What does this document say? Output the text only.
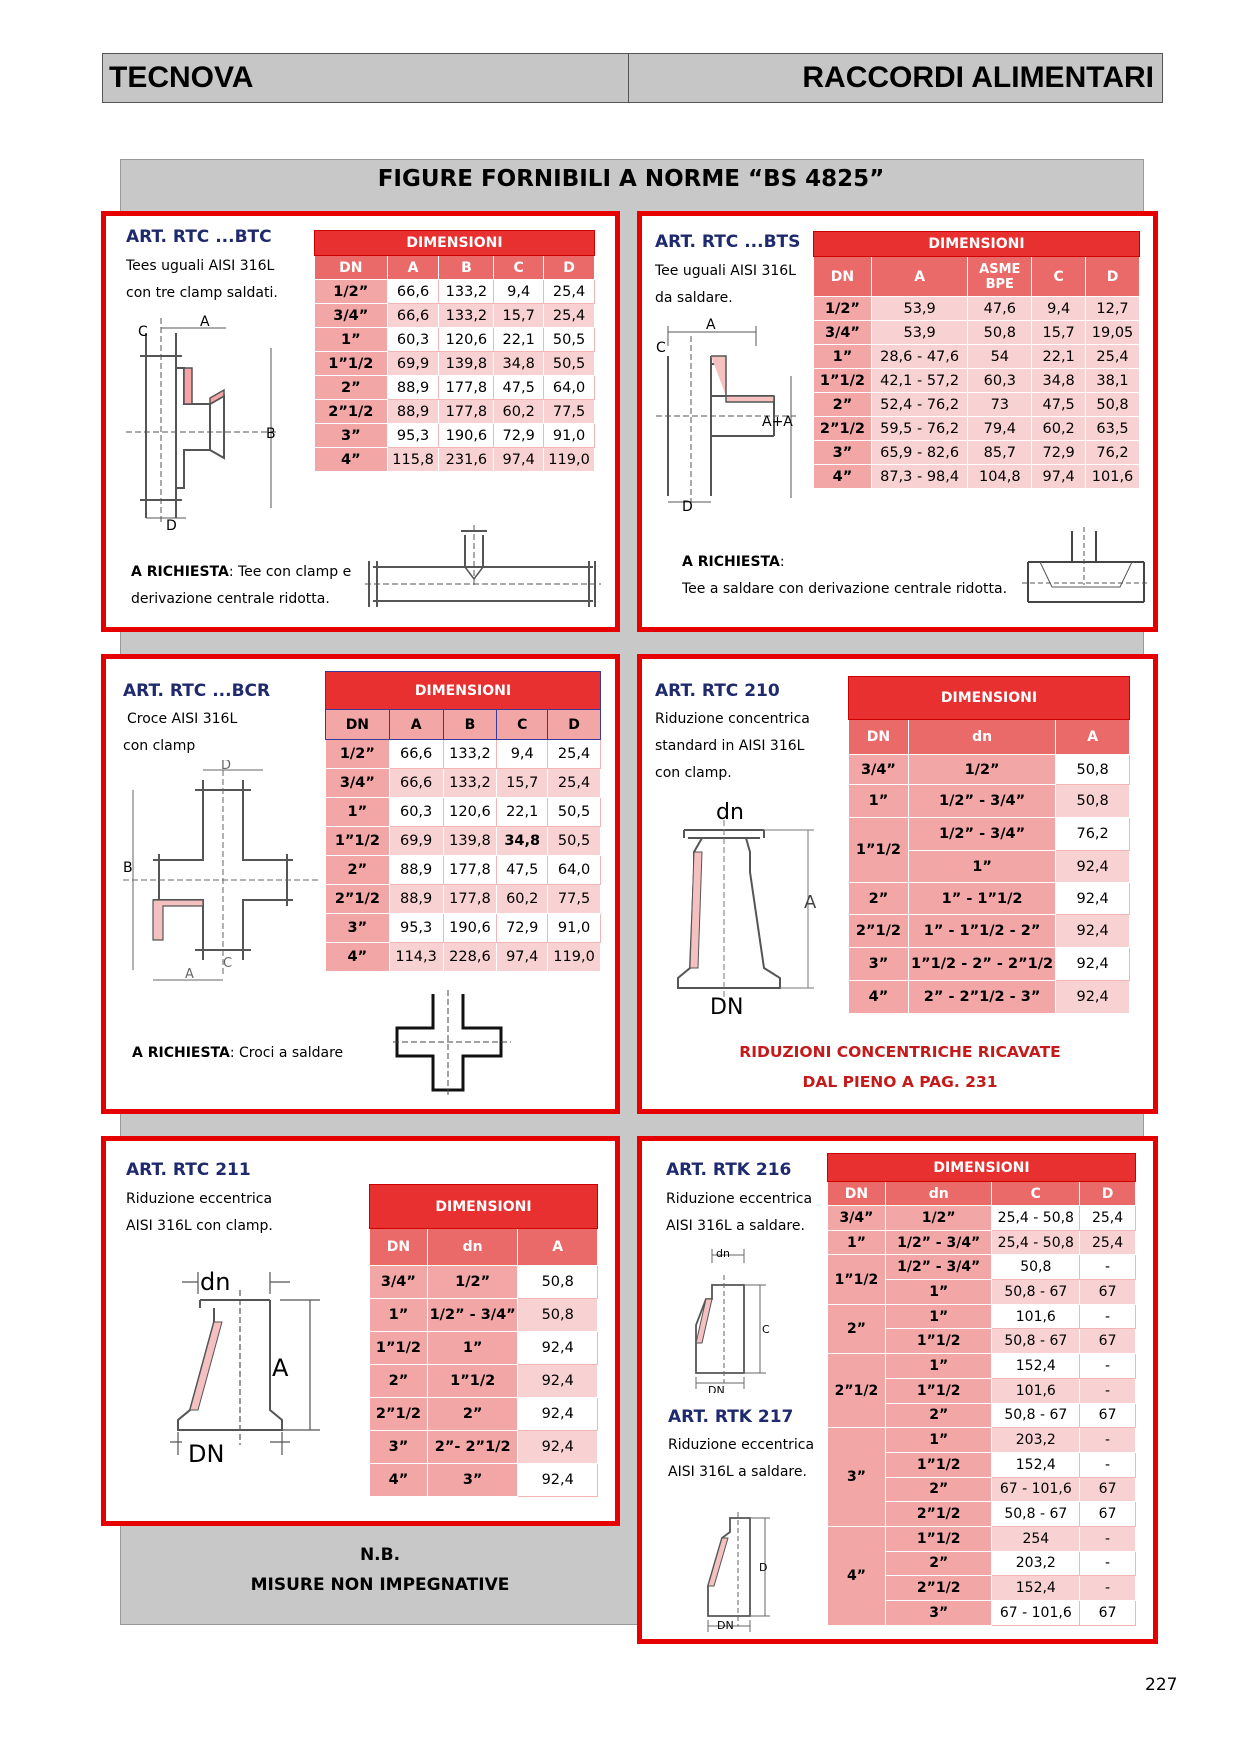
TECNOVA	RACCORDI ALIMENTARI
FIGURE FORNIBILI A NORME “BS 4825”
ART. RTC ...BTC
Tees uguali AISI 316L
con tre clamp saldati.
DIMENSIONI				
DN	A	B	C	D
1/2”	66,6	133,2	9,4	25,4
3/4”	66,6	133,2	15,7	25,4
1”	60,3	120,6	22,1	50,5
1”1/2	69,9	139,8	34,8	50,5
2”	88,9	177,8	47,5	64,0
2”1/2	88,9	177,8	60,2	77,5
3”	95,3	190,6	72,9	91,0
4”	115,8	231,6	97,4	119,0
C
A
B
D
A RICHIESTA: Tee con clamp e
derivazione centrale ridotta.
ART. RTC ...BTS
Tee uguali AISI 316L
da saldare.
DIMENSIONI				
DN	A	ASME BPE	C	D
1/2”	53,9	47,6	9,4	12,7
3/4”	53,9	50,8	15,7	19,05
1”	28,6 - 47,6	54	22,1	25,4
1”1/2	42,1 - 57,2	60,3	34,8	38,1
2”	52,4 - 76,2	73	47,5	50,8
2”1/2	59,5 - 76,2	79,4	60,2	63,5
3”	65,9 - 82,6	85,7	72,9	76,2
4”	87,3 - 98,4	104,8	97,4	101,6
C
A
A+A
D
A RICHIESTA:
Tee a saldare con derivazione centrale ridotta.
ART. RTC ...BCR
Croce AISI 316L
con clamp
DIMENSIONI				
DN	A	B	C	D
1/2”	66,6	133,2	9,4	25,4
3/4”	66,6	133,2	15,7	25,4
1”	60,3	120,6	22,1	50,5
1”1/2	69,9	139,8	34,8	50,5
2”	88,9	177,8	47,5	64,0
2”1/2	88,9	177,8	60,2	77,5
3”	95,3	190,6	72,9	91,0
4”	114,3	228,6	97,4	119,0
D
B
C
A
A RICHIESTA: Croci a saldare
ART. RTC 210
Riduzione concentrica
standard in AISI 316L
con clamp.
DIMENSIONI		
DN	dn	A
3/4”	1/2”	50,8
1”	1/2” - 3/4”	50,8
1”1/2	1/2” - 3/4”	76,2
	1”	92,4
2”	1” - 1”1/2	92,4
2”1/2	1” - 1”1/2 - 2”	92,4
3”	1”1/2 - 2” - 2”1/2	92,4
4”	2” - 2”1/2 - 3”	92,4
dn
A
DN
RIDUZIONI CONCENTRICHE RICAVATE
DAL PIENO A PAG. 231
ART. RTC 211
Riduzione eccentrica
AISI 316L con clamp.
DIMENSIONI		
DN	dn	A
3/4”	1/2”	50,8
1”	1/2” - 3/4”	50,8
1”1/2	1”	92,4
2”	1”1/2	92,4
2”1/2	2”	92,4
3”	2”- 2”1/2	92,4
4”	3”	92,4
dn
A
DN
ART. RTK 216
Riduzione eccentrica
AISI 316L a saldare.
ART. RTK 217
Riduzione eccentrica
AISI 316L a saldare.
DIMENSIONI			
DN	dn	C	D
3/4”	1/2”	25,4 - 50,8	25,4
1”	1/2” - 3/4”	25,4 - 50,8	25,4
1”1/2	1/2” - 3/4”	50,8	-
	1”	50,8 - 67	67
2”	1”	101,6	-
	1”1/2	50,8 - 67	67
2”1/2	1”	152,4	-
	1”1/2	101,6	-
	2”	50,8 - 67	67
3”	1”	203,2	-
	1”1/2	152,4	-
	2”	67 - 101,6	67
	2”1/2	50,8 - 67	67
4”	1”1/2	254	-
	2”	203,2	-
	2”1/2	152,4	-
	3”	67 - 101,6	67
dn
C
DN
D
DN
N.B.
MISURE NON IMPEGNATIVE
227
